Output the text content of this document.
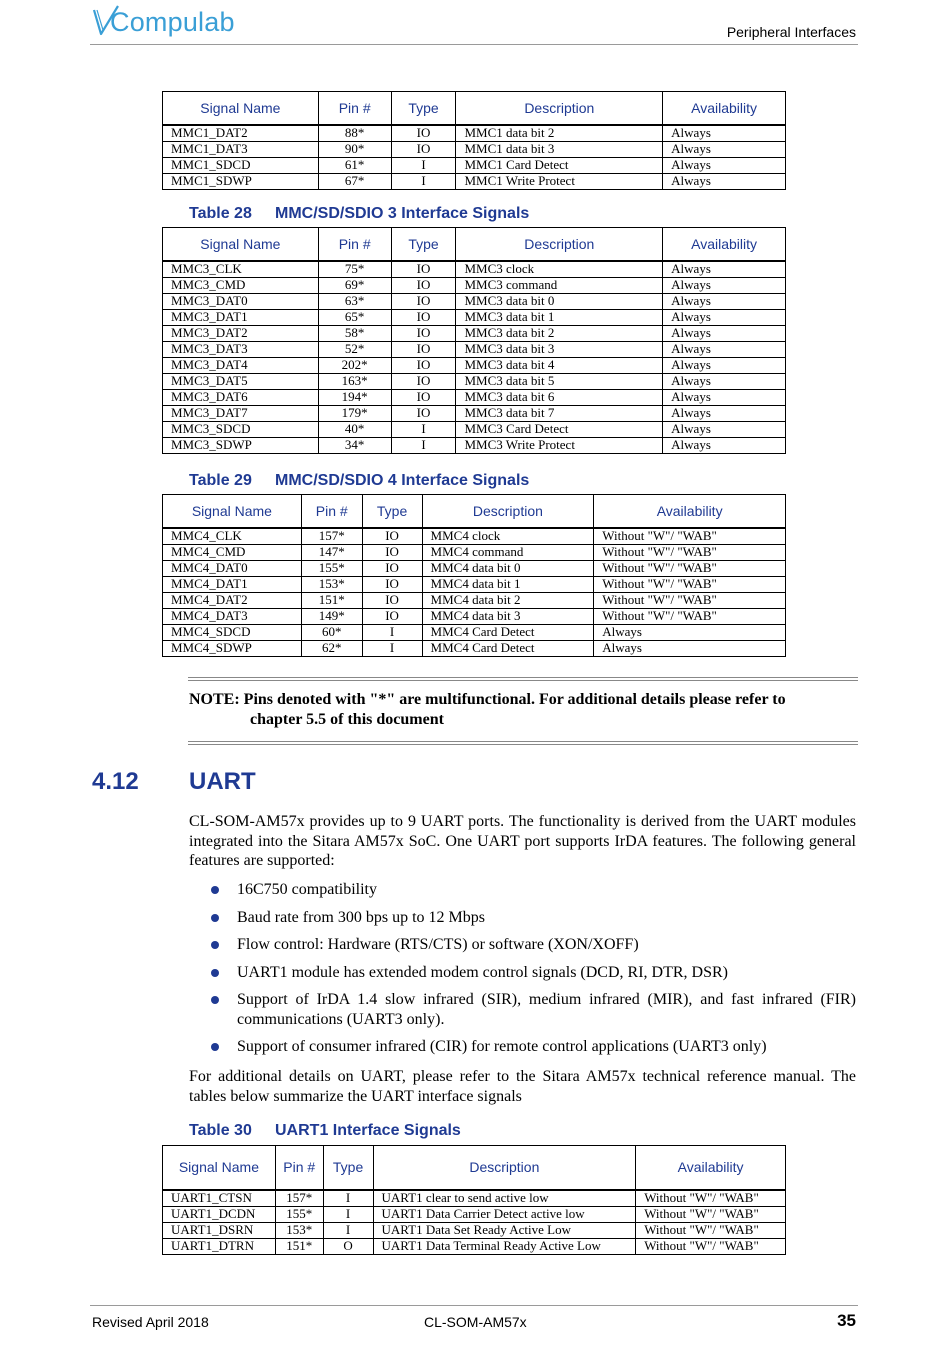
Compulab	Peripheral Interfaces
Signal Name	Pin #	Type	Description	Availability
MMC1_DAT2	88*	IO	MMC1 data bit 2	Always
MMC1_DAT3	90*	IO	MMC1 data bit 3	Always
MMC1_SDCD	61*	I	MMC1 Card Detect	Always
MMC1_SDWP	67*	I	MMC1 Write Protect	Always
Table 28 MMC/SD/SDIO 3 Interface Signals
Signal Name	Pin #	Type	Description	Availability
MMC3_CLK	75*	IO	MMC3 clock	Always
MMC3_CMD	69*	IO	MMC3 command	Always
MMC3_DAT0	63*	IO	MMC3 data bit 0	Always
MMC3_DAT1	65*	IO	MMC3 data bit 1	Always
MMC3_DAT2	58*	IO	MMC3 data bit 2	Always
MMC3_DAT3	52*	IO	MMC3 data bit 3	Always
MMC3_DAT4	202*	IO	MMC3 data bit 4	Always
MMC3_DAT5	163*	IO	MMC3 data bit 5	Always
MMC3_DAT6	194*	IO	MMC3 data bit 6	Always
MMC3_DAT7	179*	IO	MMC3 data bit 7	Always
MMC3_SDCD	40*	I	MMC3 Card Detect	Always
MMC3_SDWP	34*	I	MMC3 Write Protect	Always
Table 29 MMC/SD/SDIO 4 Interface Signals
Signal Name	Pin #	Type	Description	Availability
MMC4_CLK	157*	IO	MMC4 clock	Without "W"/ "WAB"
MMC4_CMD	147*	IO	MMC4 command	Without "W"/ "WAB"
MMC4_DAT0	155*	IO	MMC4 data bit 0	Without "W"/ "WAB"
MMC4_DAT1	153*	IO	MMC4 data bit 1	Without "W"/ "WAB"
MMC4_DAT2	151*	IO	MMC4 data bit 2	Without "W"/ "WAB"
MMC4_DAT3	149*	IO	MMC4 data bit 3	Without "W"/ "WAB"
MMC4_SDCD	60*	I	MMC4 Card Detect	Always
MMC4_SDWP	62*	I	MMC4 Card Detect	Always
NOTE: Pins denoted with "*" are multifunctional. For additional details please refer to
chapter 5.5 of this document
4.12 UART
CL-SOM-AM57x provides up to 9 UART ports. The functionality is derived from the UART modules integrated into the Sitara AM57x SoC. One UART port supports IrDA features. The following general features are supported:
16C750 compatibility
Baud rate from 300 bps up to 12 Mbps
Flow control: Hardware (RTS/CTS) or software (XON/XOFF)
UART1 module has extended modem control signals (DCD, RI, DTR, DSR)
Support of IrDA 1.4 slow infrared (SIR), medium infrared (MIR), and fast infrared (FIR) communications (UART3 only).
Support of consumer infrared (CIR) for remote control applications (UART3 only)
For additional details on UART, please refer to the Sitara AM57x technical reference manual. The tables below summarize the UART interface signals
Table 30 UART1 Interface Signals
Signal Name	Pin #	Type	Description	Availability
UART1_CTSN	157*	I	UART1 clear to send active low	Without "W"/ "WAB"
UART1_DCDN	155*	I	UART1 Data Carrier Detect active low	Without "W"/ "WAB"
UART1_DSRN	153*	I	UART1 Data Set Ready Active Low	Without "W"/ "WAB"
UART1_DTRN	151*	O	UART1 Data Terminal Ready Active Low	Without "W"/ "WAB"
Revised April 2018	CL-SOM-AM57x	35
